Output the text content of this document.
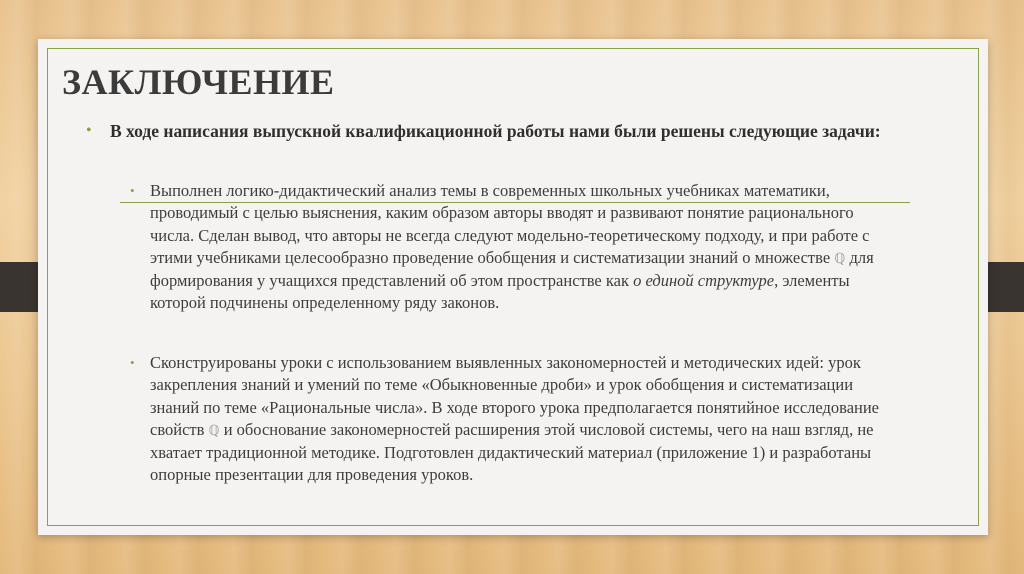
ЗАКЛЮЧЕНИЕ
• В ходе написания выпускной квалификационной работы нами были решены следующие задачи:
• Выполнен логико-дидактический анализ темы в современных школьных учебниках математики, проводимый с целью выяснения, каким образом авторы вводят и развивают понятие рационального числа. Сделан вывод, что авторы не всегда следуют модельно-теоретическому подходу, и при работе с этими учебниками целесообразно проведение обобщения и систематизации знаний о множестве ℚ для формирования у учащихся представлений об этом пространстве как о единой структуре, элементы которой подчинены определенному ряду законов.
• Сконструированы уроки с использованием выявленных закономерностей и методических идей: урок закрепления знаний и умений по теме «Обыкновенные дроби» и урок обобщения и систематизации знаний по теме «Рациональные числа». В ходе второго урока предполагается понятийное исследование свойств ℚ и обоснование закономерностей расширения этой числовой системы, чего на наш взгляд, не хватает традиционной методике. Подготовлен дидактический материал (приложение 1) и разработаны опорные презентации для проведения уроков.
